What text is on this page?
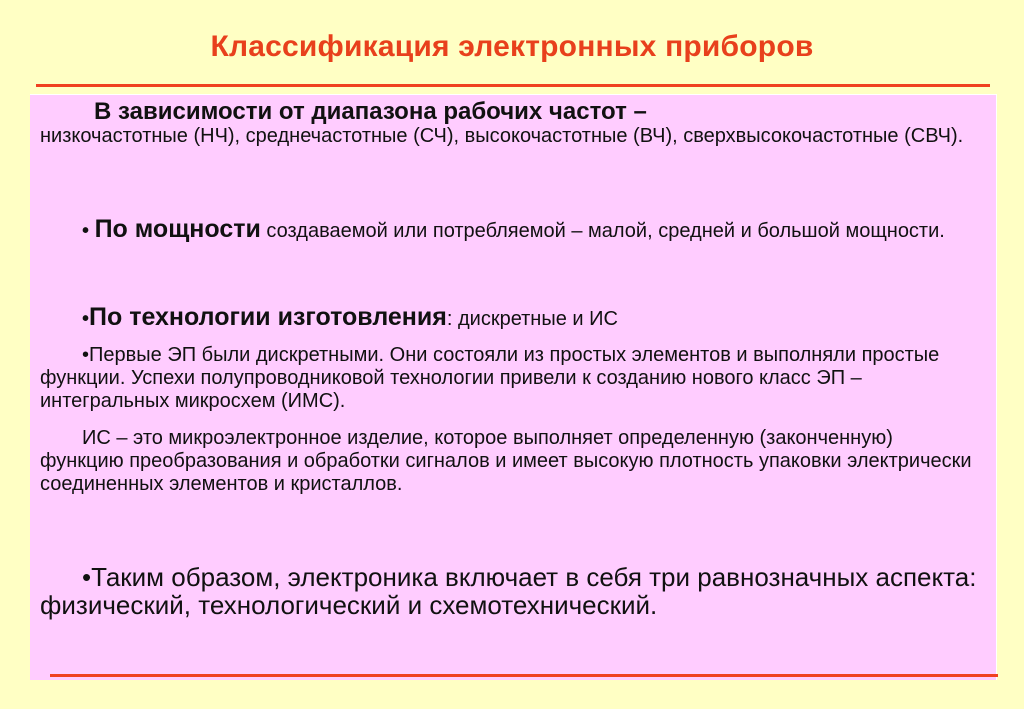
Классификация электронных приборов
В зависимости от диапазона рабочих частот –
низкочастотные (НЧ), среднечастотные (СЧ), высокочастотные (ВЧ), сверхвысокочастотные (СВЧ).
• По мощности создаваемой или потребляемой – малой, средней и большой мощности.
•По технологии изготовления: дискретные и ИС
•Первые ЭП были дискретными. Они состояли из простых элементов и выполняли простые функции. Успехи полупроводниковой технологии привели к созданию нового класс ЭП – интегральных микросхем (ИМС).
ИС – это микроэлектронное изделие, которое выполняет определенную (законченную) функцию преобразования и обработки сигналов и имеет высокую плотность упаковки электрически соединенных элементов и кристаллов.
•Таким образом, электроника включает в себя три равнозначных аспекта: физический, технологический и схемотехнический.
